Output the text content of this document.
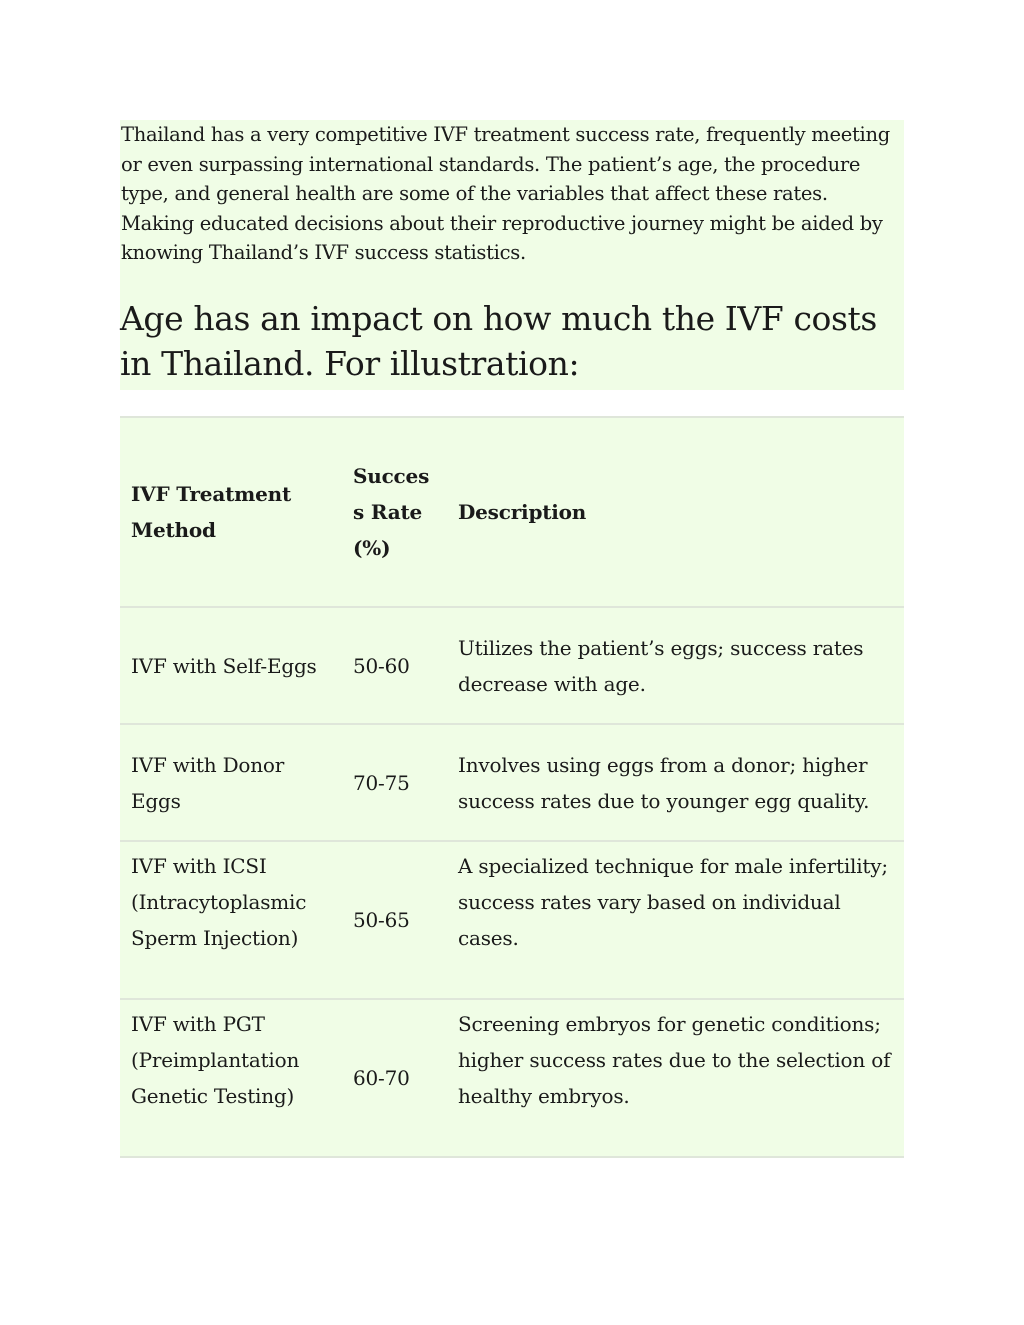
Thailand has a very competitive IVF treatment success rate, frequently meeting or even surpassing international standards. The patient’s age, the procedure type, and general health are some of the variables that affect these rates. Making educated decisions about their reproductive journey might be aided by knowing Thailand’s IVF success statistics.

Age has an impact on how much the IVF costs in Thailand. For illustration:
IVF Treatment Method	Success Rate (%)	Description
IVF with Self-Eggs	50-60	Utilizes the patient’s eggs; success rates decrease with age.
IVF with Donor Eggs	70-75	Involves using eggs from a donor; higher success rates due to younger egg quality.
IVF with ICSI (Intracytoplasmic Sperm Injection)	50-65	A specialized technique for male infertility; success rates vary based on individual cases.
IVF with PGT (Preimplantation Genetic Testing)	60-70	Screening embryos for genetic conditions; higher success rates due to the selection of healthy embryos.
